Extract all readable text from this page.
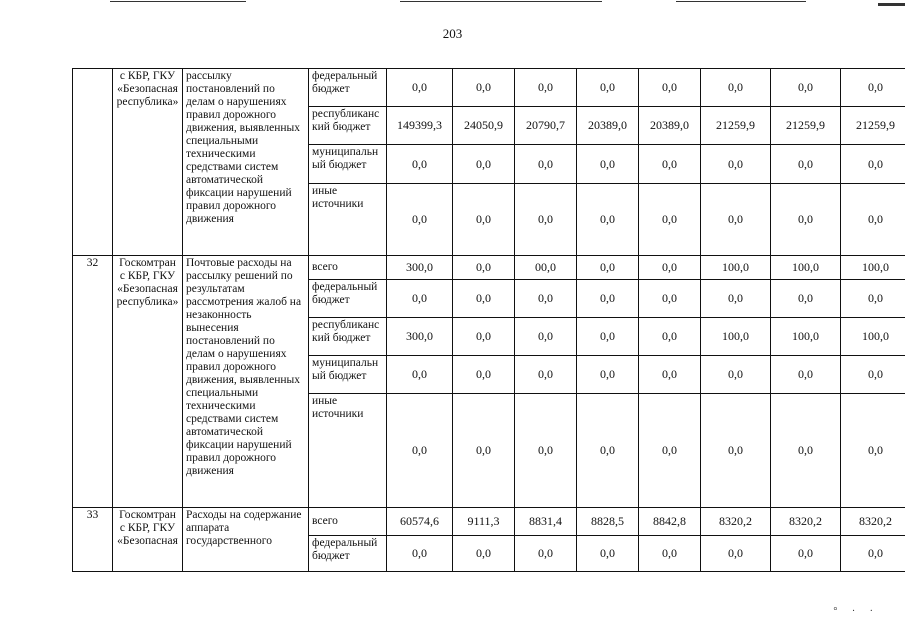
203
	с КБР, ГКУ «Безопасная республика»	рассылку постановлений по делам о нарушениях правил дорожного движения, выявленных специальными техническими средствами систем автоматической фиксации нарушений правил дорожного движения	федеральный бюджет	0,0	0,0	0,0	0,0	0,0	0,0	0,0	0,0
			республиканс кий бюджет	149399,3	24050,9	20790,7	20389,0	20389,0	21259,9	21259,9	21259,9
			муниципальн ый бюджет	0,0	0,0	0,0	0,0	0,0	0,0	0,0	0,0
			иные источники	0,0	0,0	0,0	0,0	0,0	0,0	0,0	0,0
32	Госкомтран с КБР, ГКУ «Безопасная республика»	Почтовые расходы на рассылку решений по результатам рассмотрения жалоб на незаконность вынесения постановлений по делам о нарушениях правил дорожного движения, выявленных специальными техническими средствами систем автоматической фиксации нарушений правил дорожного движения	всего	300,0	0,0	00,0	0,0	0,0	100,0	100,0	100,0
			федеральный бюджет	0,0	0,0	0,0	0,0	0,0	0,0	0,0	0,0
			республиканс кий бюджет	300,0	0,0	0,0	0,0	0,0	100,0	100,0	100,0
			муниципальн ый бюджет	0,0	0,0	0,0	0,0	0,0	0,0	0,0	0,0
			иные источники	0,0	0,0	0,0	0,0	0,0	0,0	0,0	0,0
33	Госкомтран с КБР, ГКУ «Безопасная	Расходы на содержание аппарата государственного	всего	60574,6	9111,3	8831,4	8828,5	8842,8	8320,2	8320,2	8320,2
			федеральный бюджет	0,0	0,0	0,0	0,0	0,0	0,0	0,0	0,0
° · ·
